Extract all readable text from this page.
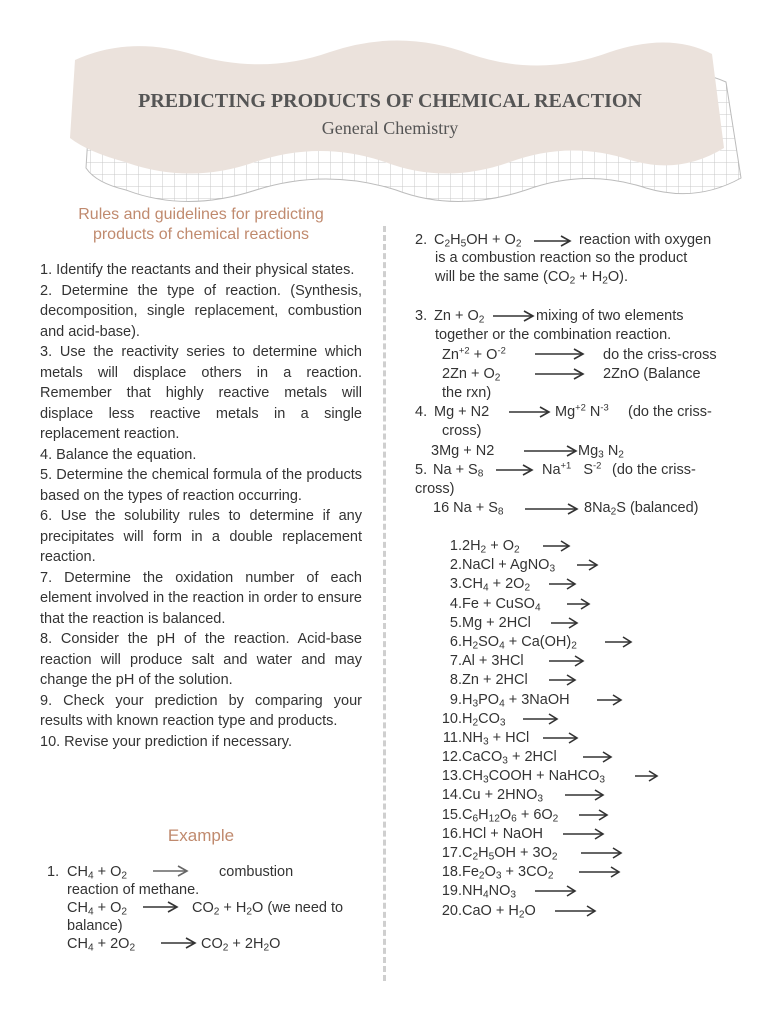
PREDICTING PRODUCTS OF CHEMICAL REACTION
General Chemistry
Rules and guidelines for predicting
products of chemical reactions

1. Identify the reactants and their physical states.

2. Determine the type of reaction. (Synthesis, decomposition, single replacement, combustion and acid-base).

3. Use the reactivity series to determine which metals will displace others in a reaction. Remember that highly reactive metals will displace less reactive metals in a single replacement reaction.

4. Balance the equation.

5. Determine the chemical formula of the products based on the types of reaction occurring.

6. Use the solubility rules to determine if any precipitates will form in a double replacement reaction.

7. Determine the oxidation number of each element involved in the reaction in order to ensure that the reaction is balanced.

8. Consider the pH of the reaction. Acid-base reaction will produce salt and water and may change the pH of the solution.

9. Check your prediction by comparing your results with known reaction type and products.

10. Revise your prediction if necessary.

Example
1. $CH_4 + O_2$	combustion
reaction of methane.
$CH_4 + O_2$	$CO_2 + H_2O$ (we need to
balance)
$CH_4 + 2O_2$	$CO_2 + 2H_2O$
2. $C_2H_5OH + O_2$	reaction with oxygen
is a combustion reaction so the product
will be the same $(CO_2 + H_2O)$.
3. $Zn + O_2$	mixing of two elements
together or the combination reaction.
$Zn^{+2} + O^{-2}$	do the criss-cross
$2Zn + O_2$	2ZnO (Balance
the rxn)
4. Mg + N2	$Mg^{+2}$ $N^{-3}$ (do the criss-
cross)
3Mg + N2	$Mg_3$ $N_2$
5. $Na + S_8$	$Na^{+1}$   $S^{-2}$ (do the criss-
cross)
16 $Na + S_8$	$8Na_2S$ (balanced)
$1.2H_2 + O_2$
2.NaCl + AgNO$_3$
$3.CH_4 + 2O_2$
4.Fe + CuSO$_4$
5.Mg + 2HCl
$6.H_2SO_4 + Ca(OH)_2$
7.Al + 3HCl
8.Zn + 2HCl
$9.H_3PO_4$ + 3NaOH
$10.H_2CO_3$
$11.NH_3$ + HCl
12.CaCO$_3$ + 2HCl
$13.CH_3COOH$ + NaHCO$_3$
$14.Cu + 2HNO_3$
$15.C_6H_{12}O_6 + 6O_2$
16.HCl + NaOH
$17.C_2H_5OH + 3O_2$
$18.Fe_2O_3 + 3CO_2$
$19.NH_4NO_3$
$20.CaO + H_2O$
